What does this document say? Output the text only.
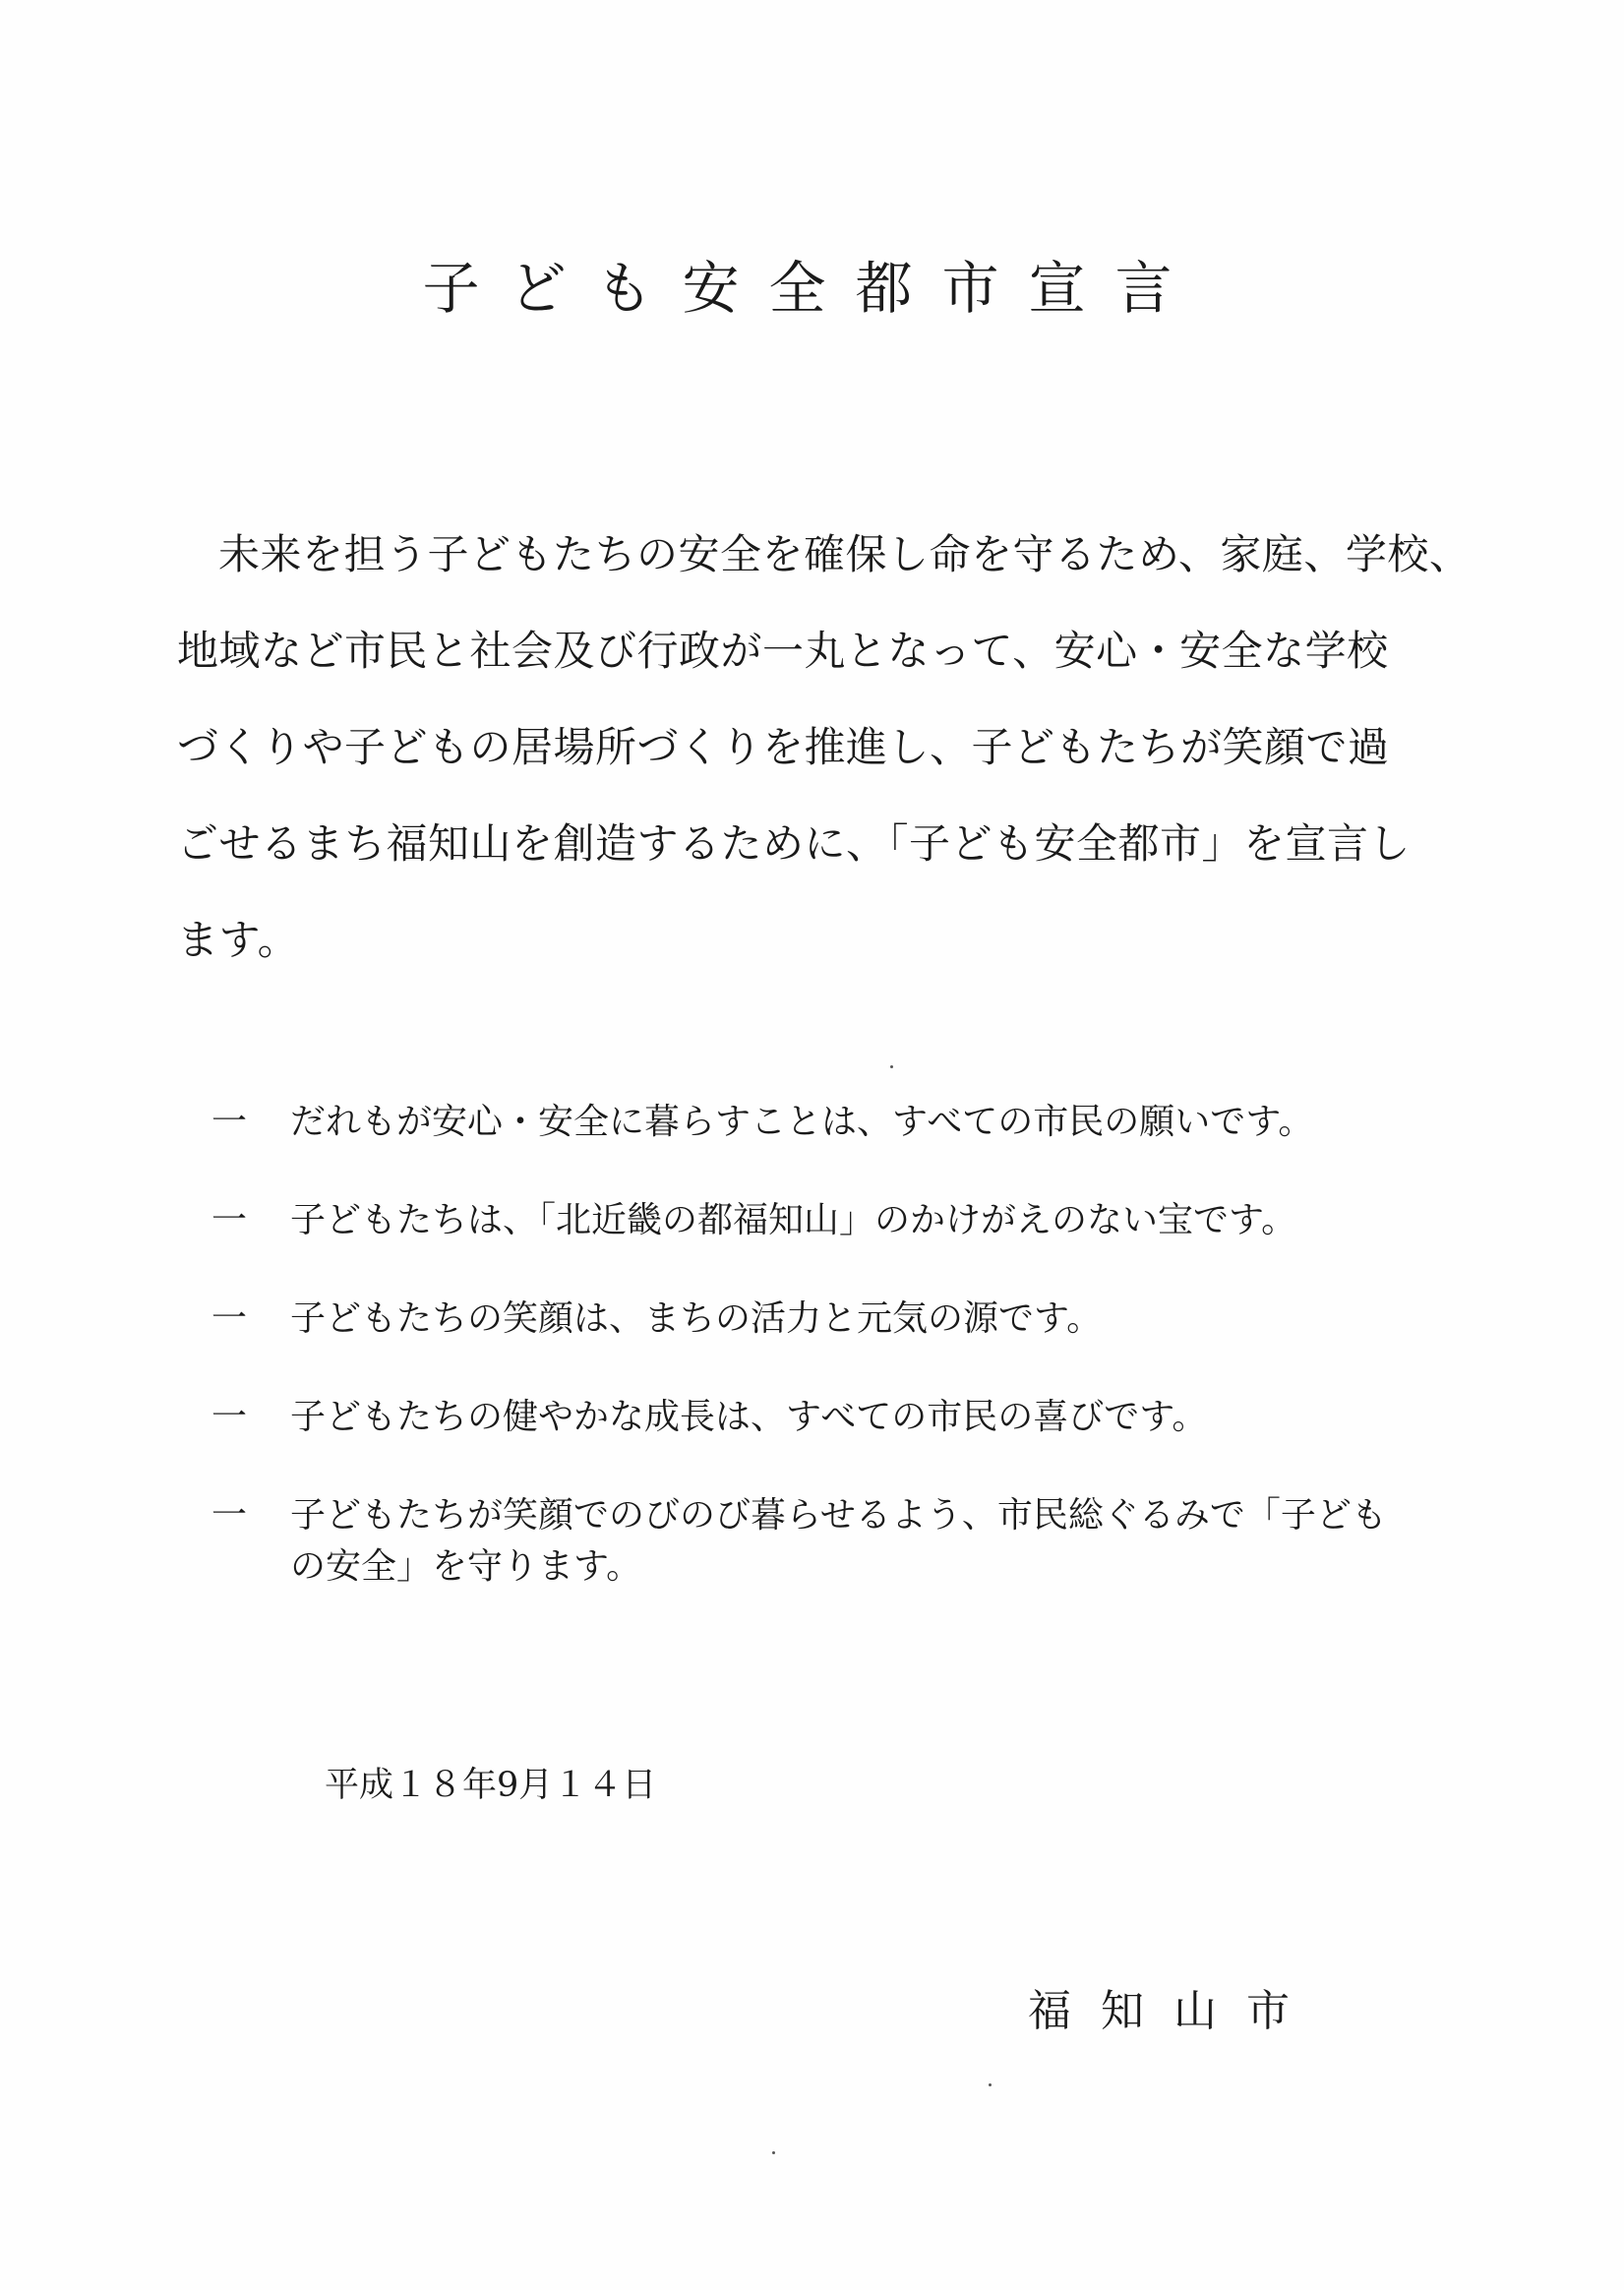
子ども安全都市宣言
未来を担う子どもたちの安全を確保し命を守るため、家庭、学校、
地域など市民と社会及び行政が一丸となって、安心・安全な学校
づくりや子どもの居場所づくりを推進し、子どもたちが笑顔で過
ごせるまち福知山を創造するために、「子ども安全都市」を宣言し
ます。
一	だれもが安心・安全に暮らすことは、すべての市民の願いです。
一	子どもたちは、「北近畿の都福知山」のかけがえのない宝です。
一	子どもたちの笑顔は、まちの活力と元気の源です。
一	子どもたちの健やかな成長は、すべての市民の喜びです。
一	子どもたちが笑顔でのびのび暮らせるよう、市民総ぐるみで「子ども
の安全」を守ります。
平成１８年9月１４日
福知山市
